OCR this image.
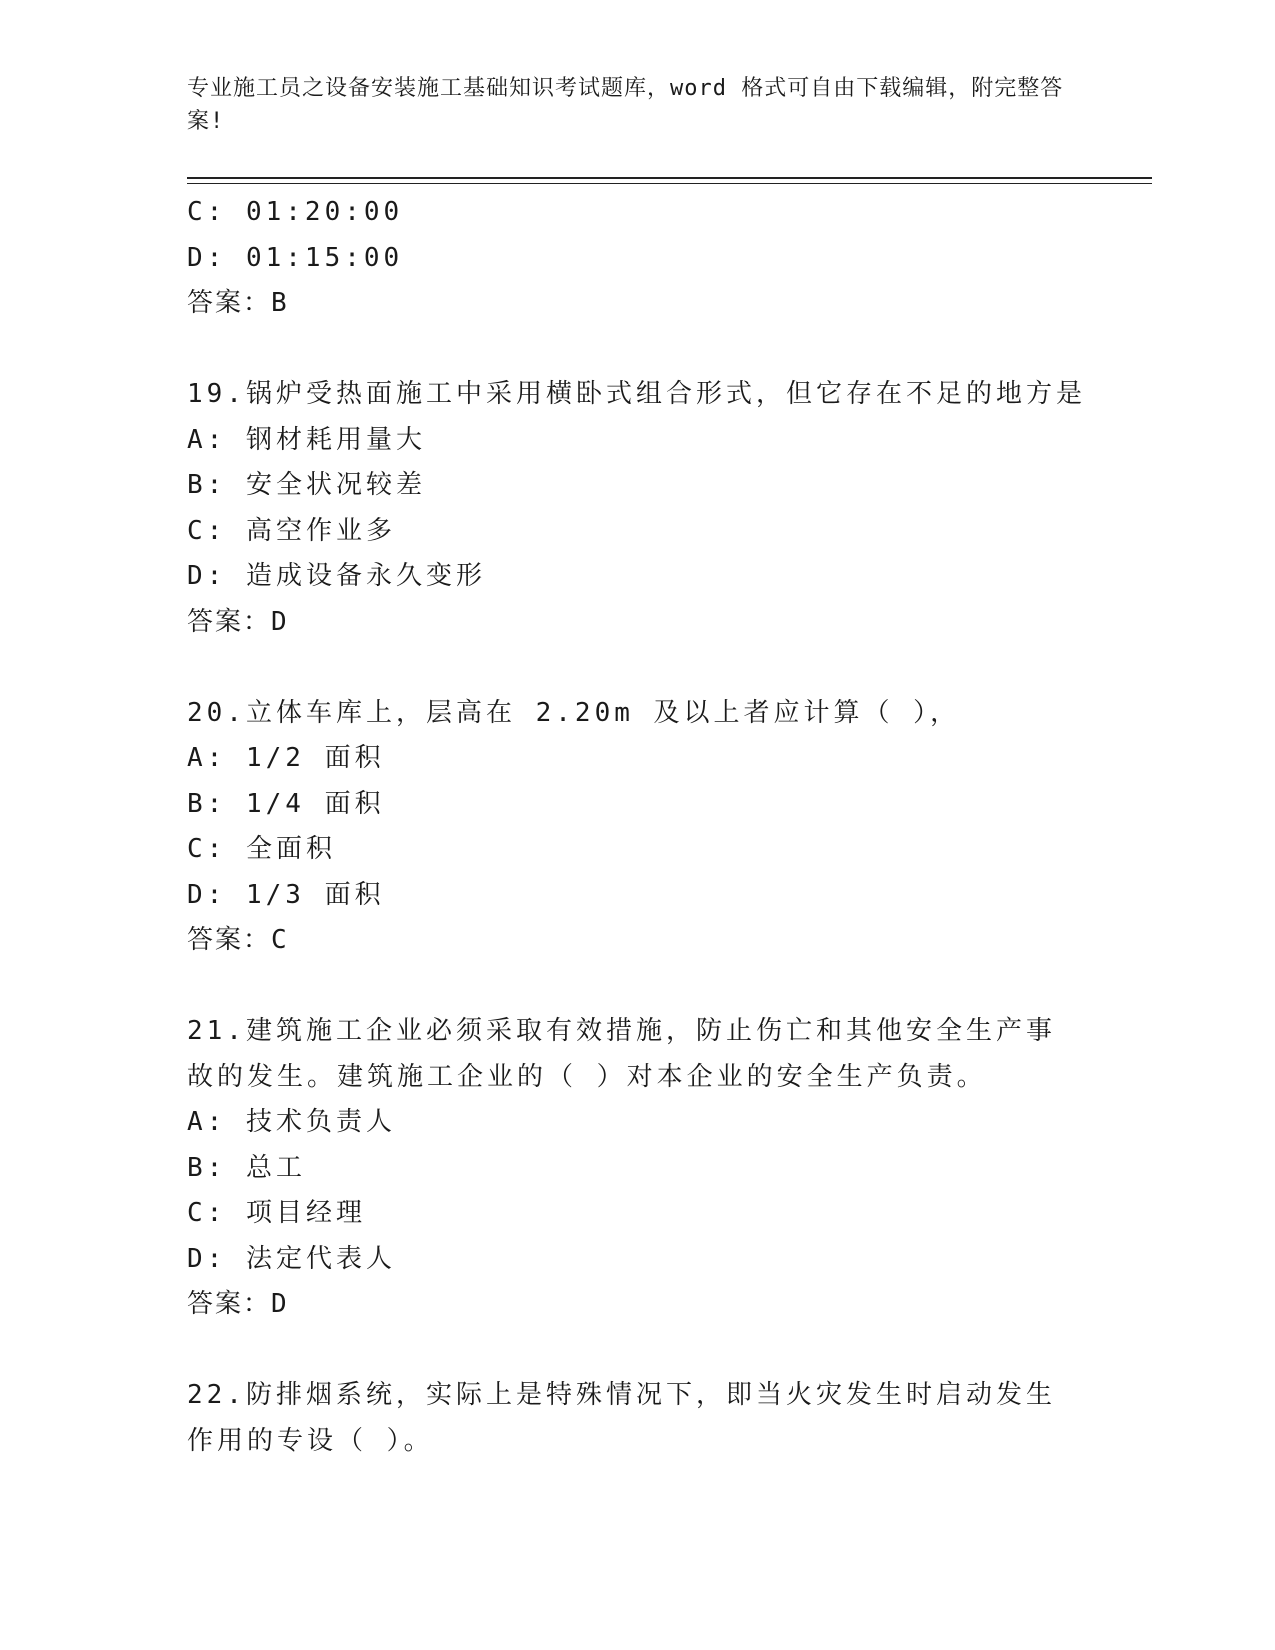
专业施工员之设备安装施工基础知识考试题库，word 格式可自由下载编辑，附完整答案!
C: 01:20:00
D: 01:15:00
答案：B
19.锅炉受热面施工中采用横卧式组合形式，但它存在不足的地方是
A: 钢材耗用量大
B: 安全状况较差
C: 高空作业多
D: 造成设备永久变形
答案：D
20.立体车库上，层高在 2.20m 及以上者应计算（ ），
A: 1/2 面积
B: 1/4 面积
C: 全面积
D: 1/3 面积
答案：C
21.建筑施工企业必须采取有效措施，防止伤亡和其他安全生产事故的发生。建筑施工企业的（ ）对本企业的安全生产负责。
A: 技术负责人
B: 总工
C: 项目经理
D: 法定代表人
答案：D
22.防排烟系统，实际上是特殊情况下，即当火灾发生时启动发生作用的专设（ ）。
